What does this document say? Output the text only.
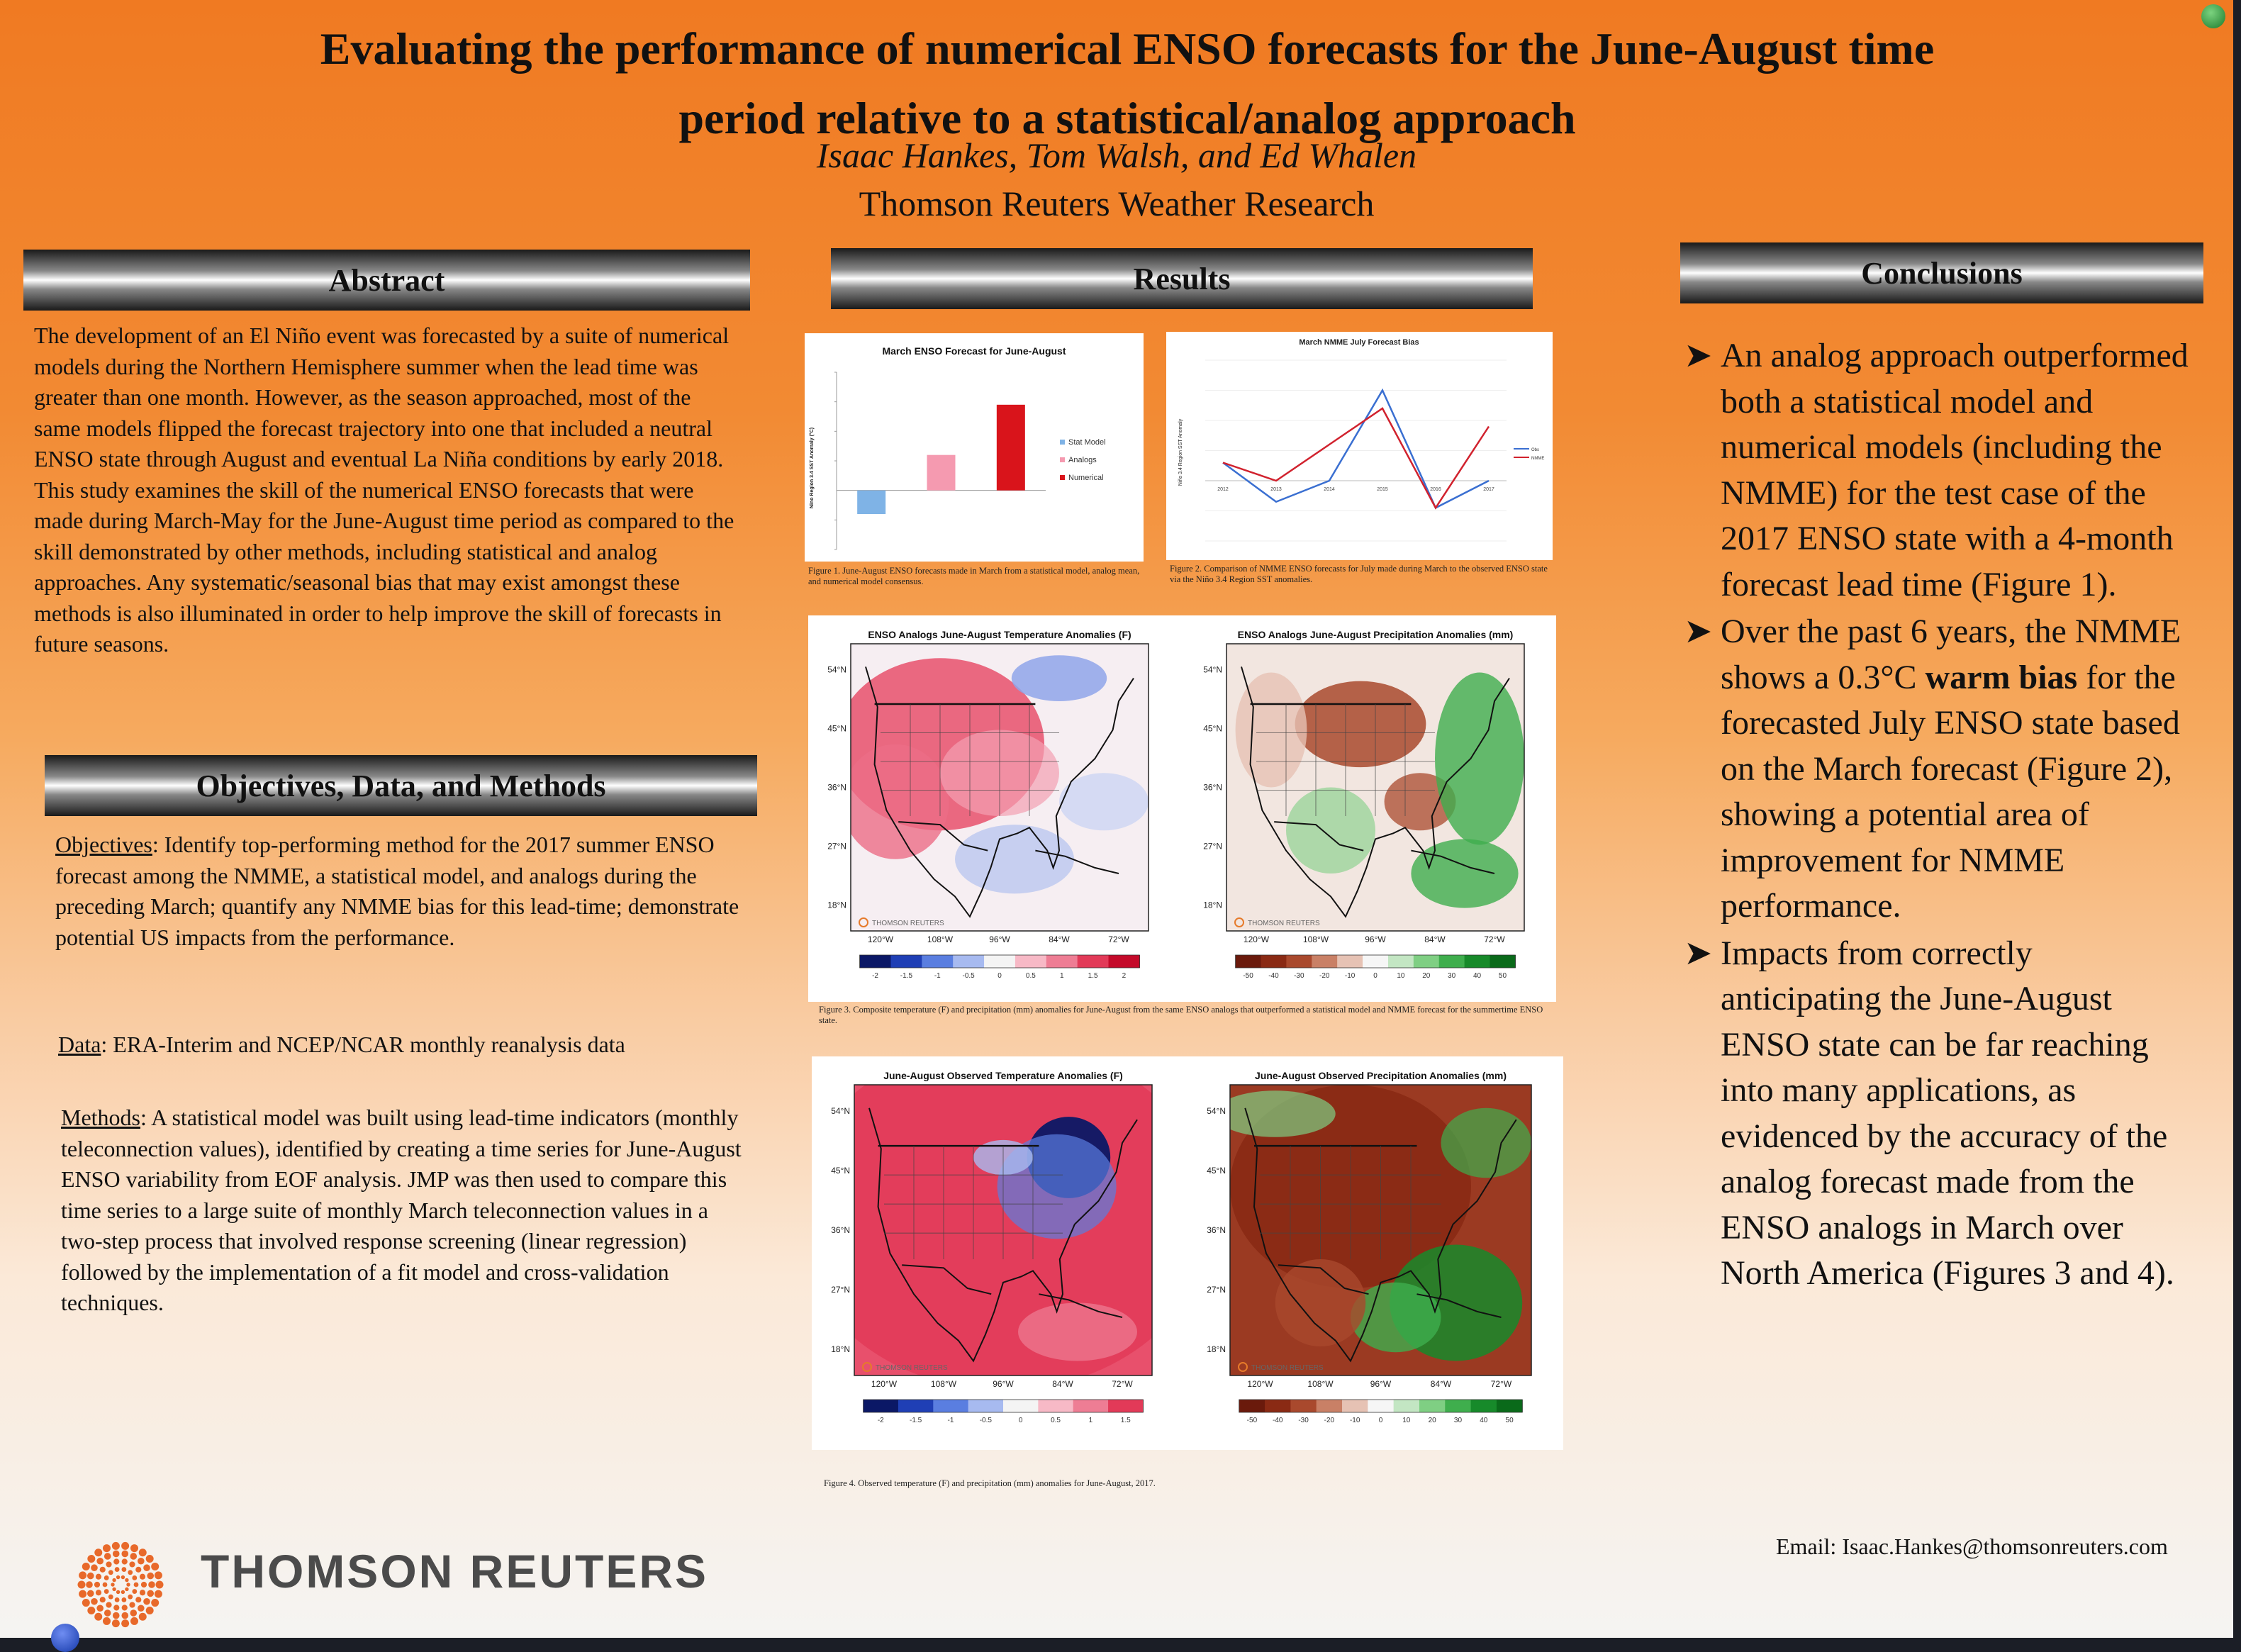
Evaluating the performance of numerical ENSO forecasts for the June-August time
period relative to a statistical/analog approach
Isaac Hankes, Tom Walsh, and Ed Whalen
Thomson Reuters Weather Research
Abstract
The development of an El Niño event was forecasted by a suite of numerical models during the Northern Hemisphere summer when the lead time was greater than one month. However, as the season approached, most of the same models flipped the forecast trajectory into one that included a neutral ENSO state through August and eventual La Niña conditions by early 2018. This study examines the skill of the numerical ENSO forecasts that were made during March-May for the June-August time period as compared to the skill demonstrated by other methods, including statistical and analog approaches. Any systematic/seasonal bias that may exist amongst these methods is also illuminated in order to help improve the skill of forecasts in future seasons.
Objectives, Data, and Methods
Objectives: Identify top-performing method for the 2017 summer ENSO forecast among the NMME, a statistical model, and analogs during the preceding March; quantify any NMME bias for this lead-time; demonstrate potential US impacts from the performance.
Data: ERA-Interim and NCEP/NCAR monthly reanalysis data
Methods: A statistical model was built using lead-time indicators (monthly teleconnection values), identified by creating a time series for June-August ENSO variability from EOF analysis. JMP was then used to compare this time series to a large suite of monthly March teleconnection values in a two-step process that involved response screening (linear regression) followed by the implementation of a fit model and cross-validation techniques.
Results
March ENSO Forecast for June-August
Nino Region 3.4 SST Anomaly (°C)	Stat Model
Analogs
Numerical
Figure 1. June-August ENSO forecasts made in March from a statistical model, analog mean, and numerical model consensus.
March NMME July Forecast Bias
Niño 3.4 Region SST Anomaly
2012	2013	2014	2015	2016	2017
Obs
NMME
Figure 2. Comparison of NMME ENSO forecasts for July made during March to the observed ENSO state via the Niño 3.4 Region SST anomalies.
ENSO Analogs June-August Temperature Anomalies (F)
THOMSON REUTERS
54°N
45°N
36°N
27°N
18°N
120°W	108°W	96°W	84°W	72°W
-2	-1.5	-1	-0.5	0	0.5	1	1.5	2
ENSO Analogs June-August Precipitation Anomalies (mm)
THOMSON REUTERS
54°N
45°N
36°N
27°N
18°N
120°W	108°W	96°W	84°W	72°W
-50 -40 -30 -20 -10	0	10 20 30 40 50
Figure 3. Composite temperature (F) and precipitation (mm) anomalies for June-August from the same ENSO analogs that outperformed a statistical model and NMME forecast for the summertime ENSO state.
June-August Observed Temperature Anomalies (F)
THOMSON REUTERS
54°N
45°N
36°N
27°N
18°N
120°W	108°W	96°W	84°W	72°W
-2	-1.5	-1	-0.5	0	0.5	1	1.5
June-August Observed Precipitation Anomalies (mm)
THOMSON REUTERS
54°N
45°N
36°N
27°N
18°N
120°W	108°W	96°W	84°W	72°W
-50 -40 -30 -20 -10	0	10	20	30	40	50
Figure 4. Observed temperature (F) and precipitation (mm) anomalies for June-August, 2017.
Conclusions
➤ An analog approach outperformed both a statistical model and numerical models (including the NMME) for the test case of the 2017 ENSO state with a 4-month forecast lead time (Figure 1).
➤ Over the past 6 years, the NMME shows a 0.3°C warm bias for the forecasted July ENSO state based on the March forecast (Figure 2), showing a potential area of improvement for NMME performance.
➤ Impacts from correctly anticipating the June-August ENSO state can be far reaching into many applications, as evidenced by the accuracy of the analog forecast made from the ENSO analogs in March over North America (Figures 3 and 4).
THOMSON REUTERS	Email: Isaac.Hankes@thomsonreuters.com
